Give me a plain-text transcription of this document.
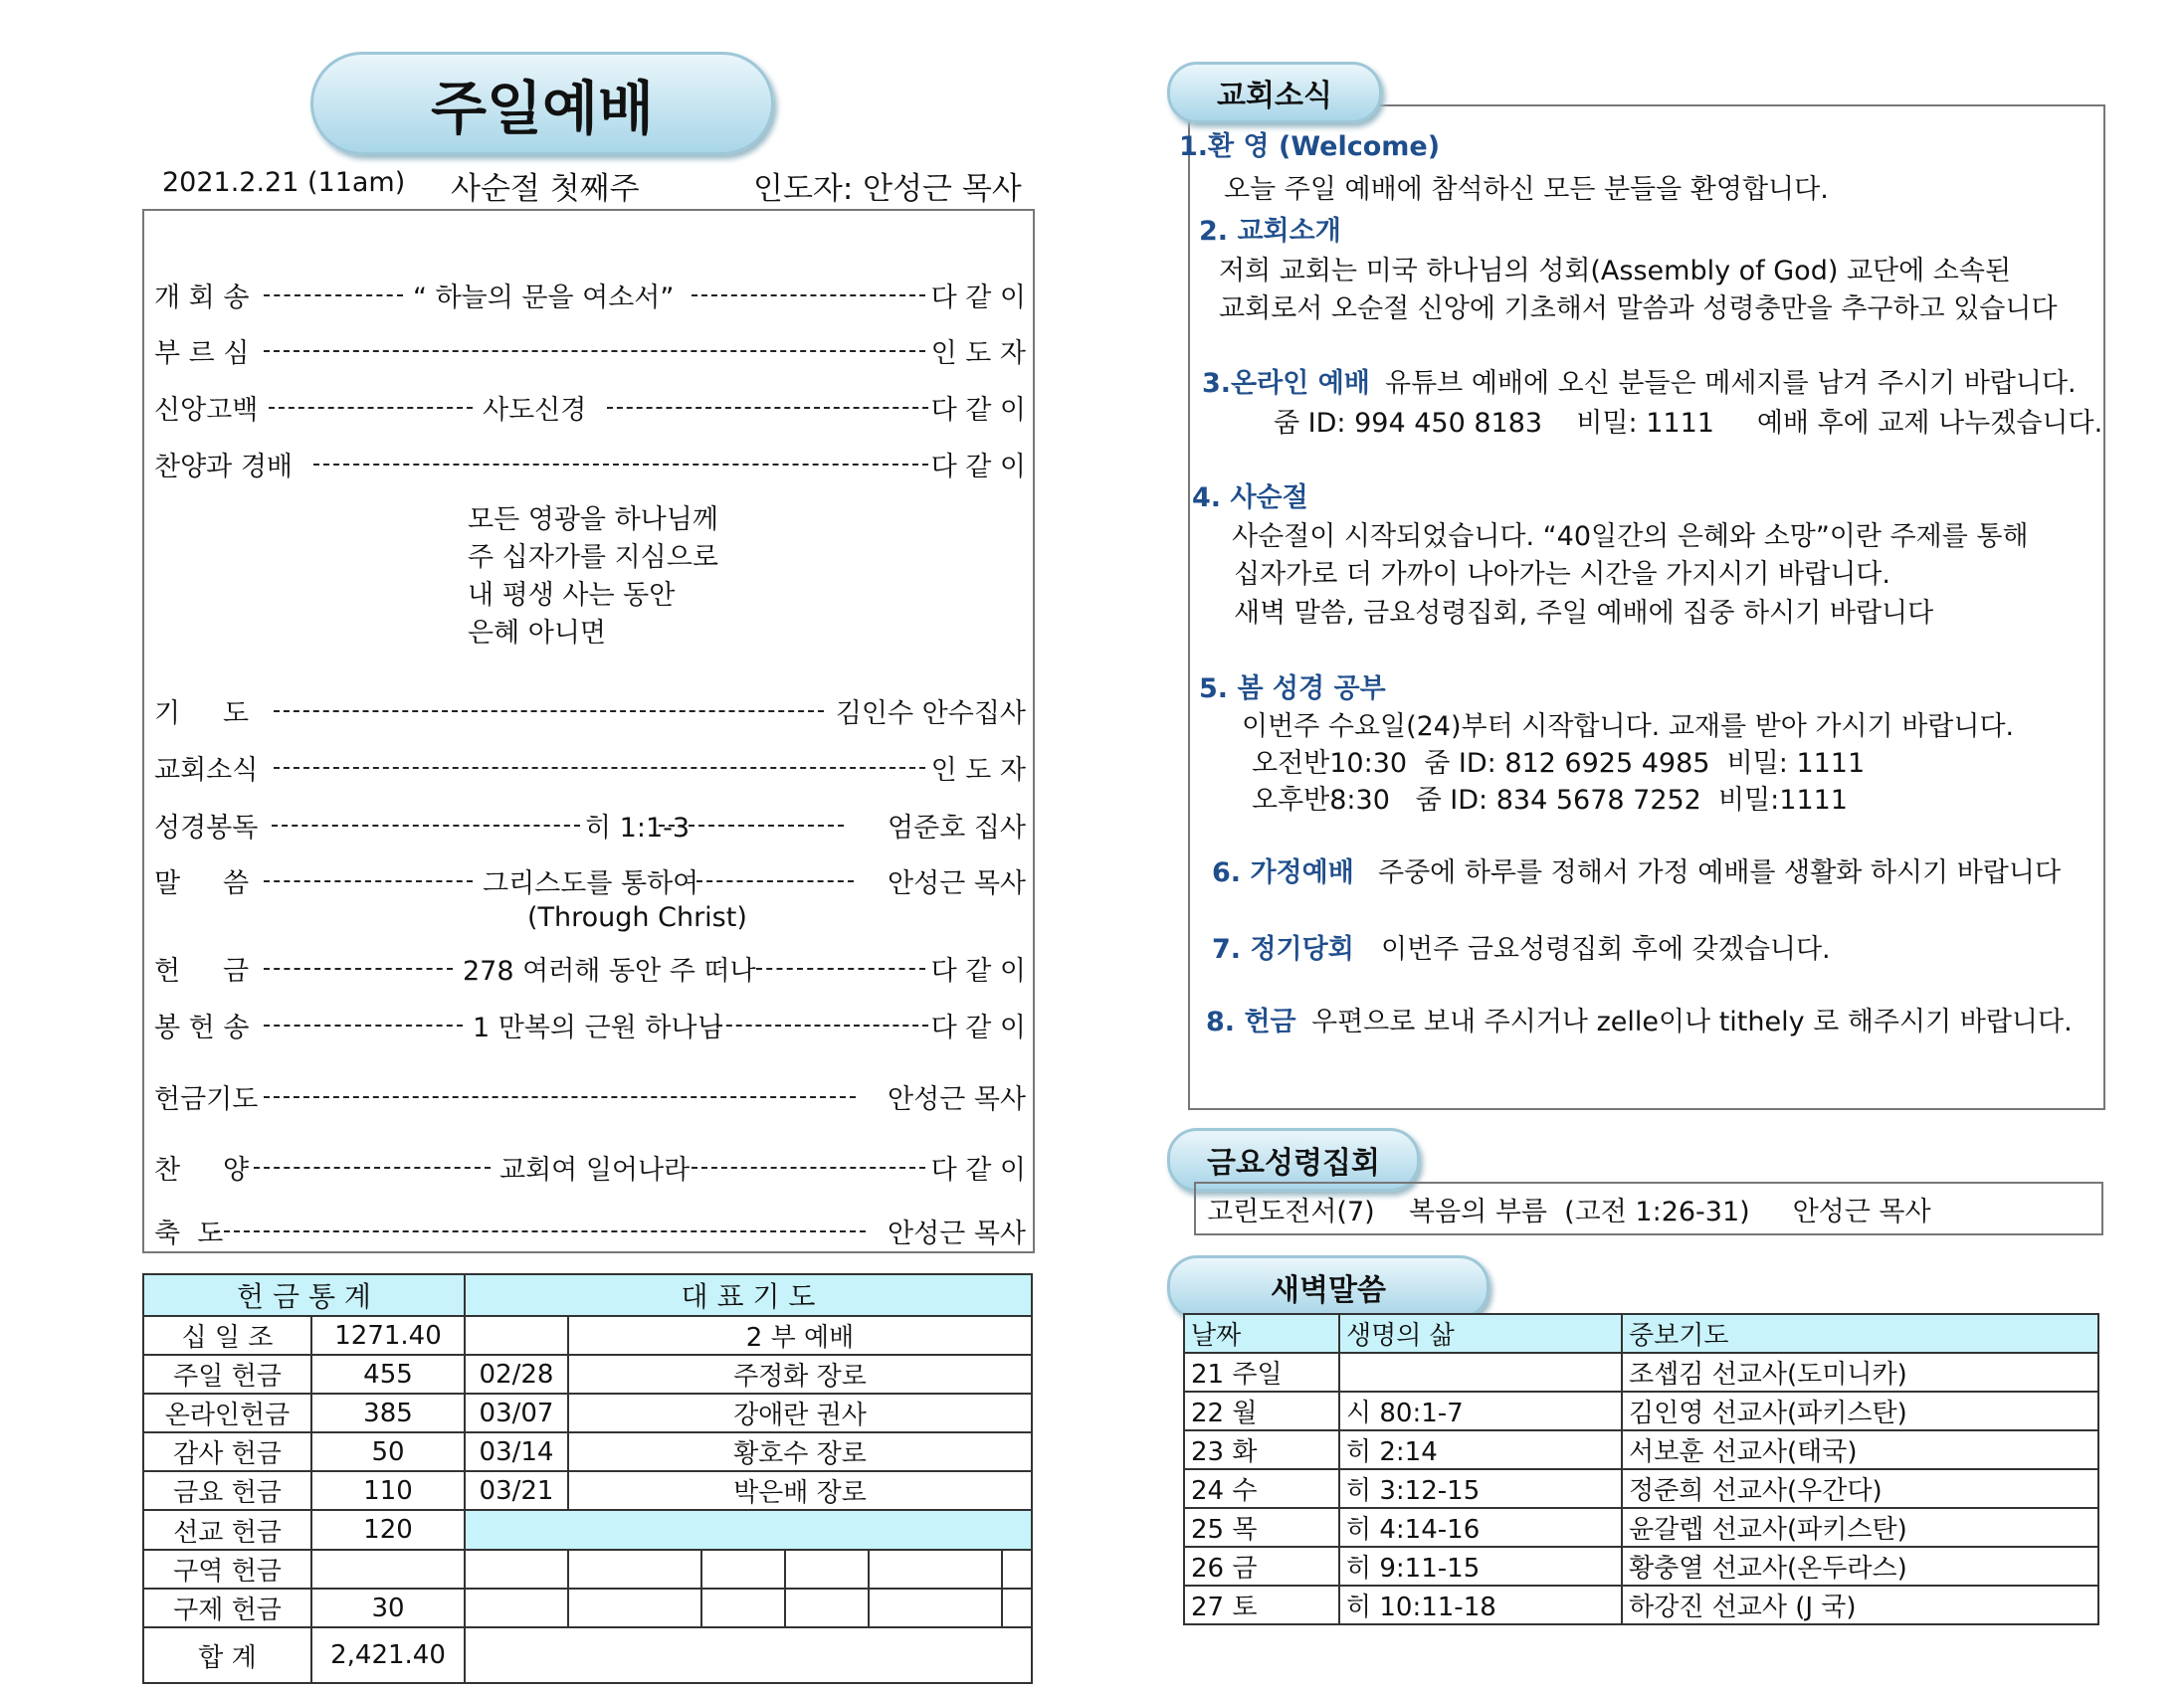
주일예배
2021.2.21 (11am) 사순절 첫째주	인도자: 안성근 목사
개 회 송	“ 하늘의 문을 여소서”	다 같 이
부 르 심	인 도 자
신앙고백	사도신경	다 같 이
찬양과 경배	다 같 이
기     도	김인수 안수집사
교회소식	인 도 자
성경봉독	히 1:1-3	엄준호 집사
말     씀	그리스도를 통하여	안성근 목사
헌     금	278 여러해 동안 주 떠나	다 같 이
봉 헌 송	1 만복의 근원 하나님	다 같 이
헌금기도	안성근 목사
찬     양	교회여 일어나라	다 같 이
축  도	안성근 목사
모든 영광을 하나님께
주 십자가를 지심으로
내 평생 사는 동안
은혜 아니면
(Through Christ)
헌 금 통 계		대 표 기 도					
십 일 조	1271.40		2 부 예배				
주일 헌금	455	02/28	주정화 장로				
온라인헌금	385	03/07	강애란 권사				
감사 헌금	50	03/14	황호수 장로				
금요 헌금	110	03/21	박은배 장로				
선교 헌금	120						
구역 헌금							
구제 헌금	30						
합 계	2,421.40						
교회소식
1.환 영 (Welcome)
오늘 주일 예배에 참석하신 모든 분들을 환영합니다.
2. 교회소개
저희 교회는 미국 하나님의 성회(Assembly of God) 교단에 소속된
교회로서 오순절 신앙에 기초해서 말씀과 성령충만을 추구하고 있습니다
3.온라인 예배 유튜브 예배에 오신 분들은 메세지를 남겨 주시기 바랍니다.
줌 ID: 994 450 8183    비밀: 1111     예배 후에 교제 나누겠습니다.
4. 사순절
사순절이 시작되었습니다. “40일간의 은혜와 소망”이란 주제를 통해
십자가로 더 가까이 나아가는 시간을 가지시기 바랍니다.
새벽 말씀, 금요성령집회, 주일 예배에 집중 하시기 바랍니다
5. 봄 성경 공부
이번주 수요일(24)부터 시작합니다. 교재를 받아 가시기 바랍니다.
오전반10:30  줌 ID: 812 6925 4985  비밀: 1111
오후반8:30   줌 ID: 834 5678 7252  비밀:1111
6. 가정예배 주중에 하루를 정해서 가정 예배를 생활화 하시기 바랍니다
7. 정기당회 이번주 금요성령집회 후에 갖겠습니다.
8. 헌금 우편으로 보내 주시거나 zelle이나 tithely 로 해주시기 바랍니다.
금요성령집회
고린도전서(7)    복음의 부름  (고전 1:26-31)     안성근 목사
새벽말씀
날짜	생명의 삶	중보기도
21 주일		조셉김 선교사(도미니카)
22 월	시 80:1-7	김인영 선교사(파키스탄)
23 화	히 2:14	서보훈 선교사(태국)
24 수	히 3:12-15	정준희 선교사(우간다)
25 목	히 4:14-16	윤갈렙 선교사(파키스탄)
26 금	히 9:11-15	황충열 선교사(온두라스)
27 토	히 10:11-18	하강진 선교사 (J 국)
